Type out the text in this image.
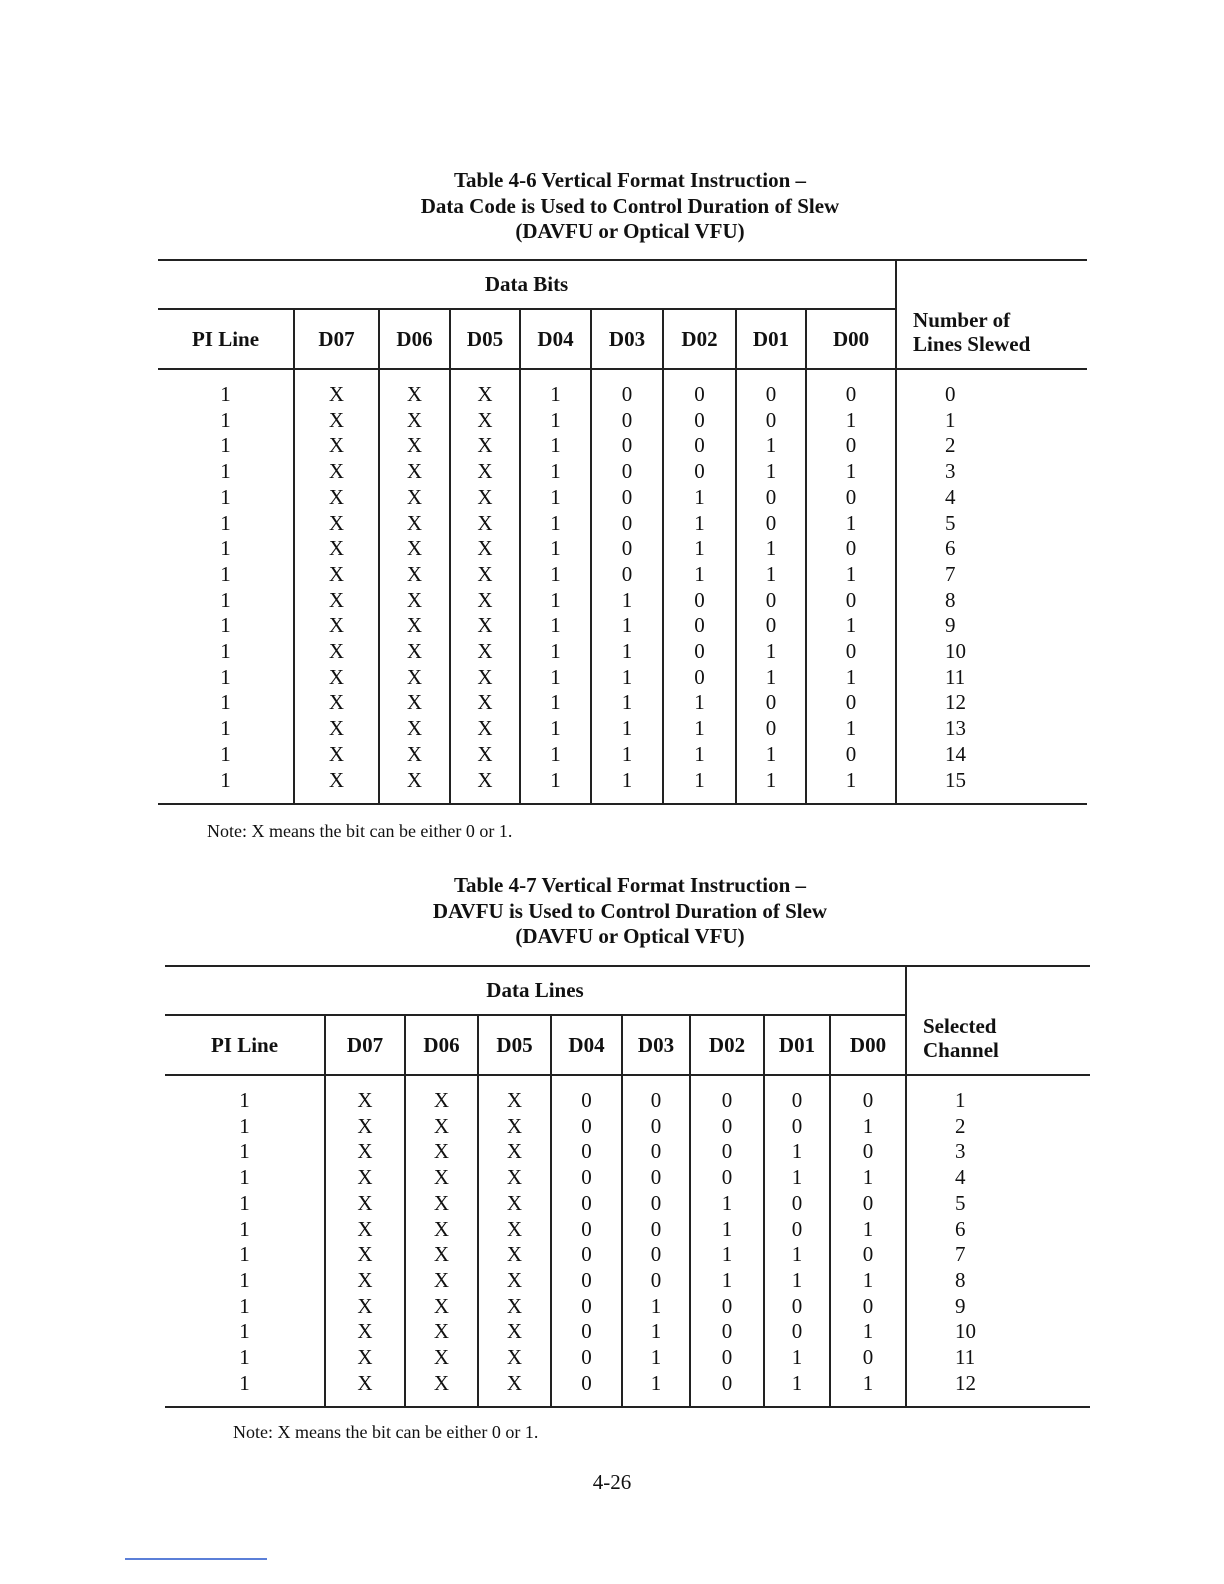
Table 4-6 Vertical Format Instruction –
Data Code is Used to Control Duration of Slew
(DAVFU or Optical VFU)
Data Bits									Number of
Lines Slewed

PI Line	D07	D06	D05	D04	D03	D02	D01	D00	
1	X	X	X	1	0	0	0	0	0
1	X	X	X	1	0	0	0	1	1
1	X	X	X	1	0	0	1	0	2
1	X	X	X	1	0	0	1	1	3
1	X	X	X	1	0	1	0	0	4
1	X	X	X	1	0	1	0	1	5
1	X	X	X	1	0	1	1	0	6
1	X	X	X	1	0	1	1	1	7
1	X	X	X	1	1	0	0	0	8
1	X	X	X	1	1	0	0	1	9
1	X	X	X	1	1	0	1	0	10
1	X	X	X	1	1	0	1	1	11
1	X	X	X	1	1	1	0	0	12
1	X	X	X	1	1	1	0	1	13
1	X	X	X	1	1	1	1	0	14
1	X	X	X	1	1	1	1	1	15
Note: X means the bit can be either 0 or 1.
Table 4-7 Vertical Format Instruction –
DAVFU is Used to Control Duration of Slew
(DAVFU or Optical VFU)
Data Lines									Selected
Channel

PI Line	D07	D06	D05	D04	D03	D02	D01	D00	
1	X	X	X	0	0	0	0	0	1
1	X	X	X	0	0	0	0	1	2
1	X	X	X	0	0	0	1	0	3
1	X	X	X	0	0	0	1	1	4
1	X	X	X	0	0	1	0	0	5
1	X	X	X	0	0	1	0	1	6
1	X	X	X	0	0	1	1	0	7
1	X	X	X	0	0	1	1	1	8
1	X	X	X	0	1	0	0	0	9
1	X	X	X	0	1	0	0	1	10
1	X	X	X	0	1	0	1	0	11
1	X	X	X	0	1	0	1	1	12
Note: X means the bit can be either 0 or 1.
4-26
